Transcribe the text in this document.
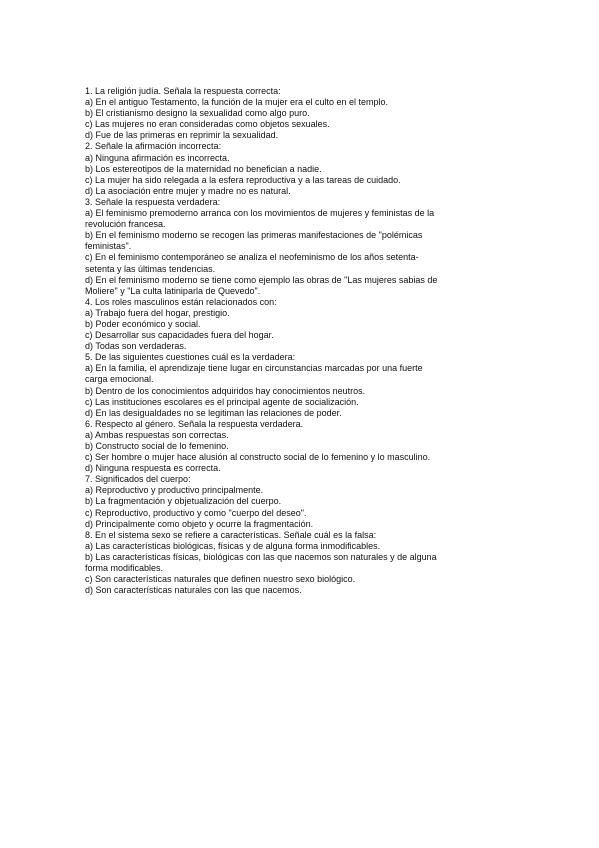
1. La religión judía. Señala la respuesta correcta:
a) En el antiguo Testamento, la función de la mujer era el culto en el templo.
b) El cristianismo designo la sexualidad como algo puro.
c) Las mujeres no eran consideradas como objetos sexuales.
d) Fue de las primeras en reprimir la sexualidad.
2. Señale la afirmación incorrecta:
a) Ninguna afirmación es incorrecta.
b) Los estereotipos de la maternidad no benefician a nadie.
c) La mujer ha sido relegada a la esfera reproductiva y a las tareas de cuidado.
d) La asociación entre mujer y madre no es natural.
3. Señale la respuesta verdadera:
a) El feminismo premoderno arranca con los movimientos de mujeres y feministas de la
revolución francesa.
b) En el feminismo moderno se recogen las primeras manifestaciones de "polémicas
feministas".
c) En el feminismo contemporáneo se analiza el neofeminismo de los años setenta-
setenta y las últimas tendencias.
d) En el feminismo moderno se tiene como ejemplo las obras de "Las mujeres sabias de
Moliere" y "La culta latiniparla de Quevedo".
4. Los roles masculinos están relacionados con:
a) Trabajo fuera del hogar, prestigio.
b) Poder económico y social.
c) Desarrollar sus capacidades fuera del hogar.
d) Todas son verdaderas.
5. De las siguientes cuestiones cuál es la verdadera:
a) En la familia, el aprendizaje tiene lugar en circunstancias marcadas por una fuerte
carga emocional.
b) Dentro de los conocimientos adquiridos hay conocimientos neutros.
c) Las instituciones escolares es el principal agente de socialización.
d) En las desigualdades no se legitiman las relaciones de poder.
6. Respecto al género. Señala la respuesta verdadera.
a) Ambas respuestas son correctas.
b) Constructo social de lo femenino.
c) Ser hombre o mujer hace alusión al constructo social de lo femenino y lo masculino.
d) Ninguna respuesta es correcta.
7. Significados del cuerpo:
a) Reproductivo y productivo principalmente.
b) La fragmentación y objetualización del cuerpo.
c) Reproductivo, productivo y como "cuerpo del deseo".
d) Principalmente como objeto y ocurre la fragmentación.
8. En el sistema sexo se refiere a características. Señale cuál es la falsa:
a) Las características biológicas, físicas y de alguna forma inmodificables.
b) Las características físicas, biológicas con las que nacemos son naturales y de alguna
forma modificables.
c) Son características naturales que definen nuestro sexo biológico.
d) Son características naturales con las que nacemos.
